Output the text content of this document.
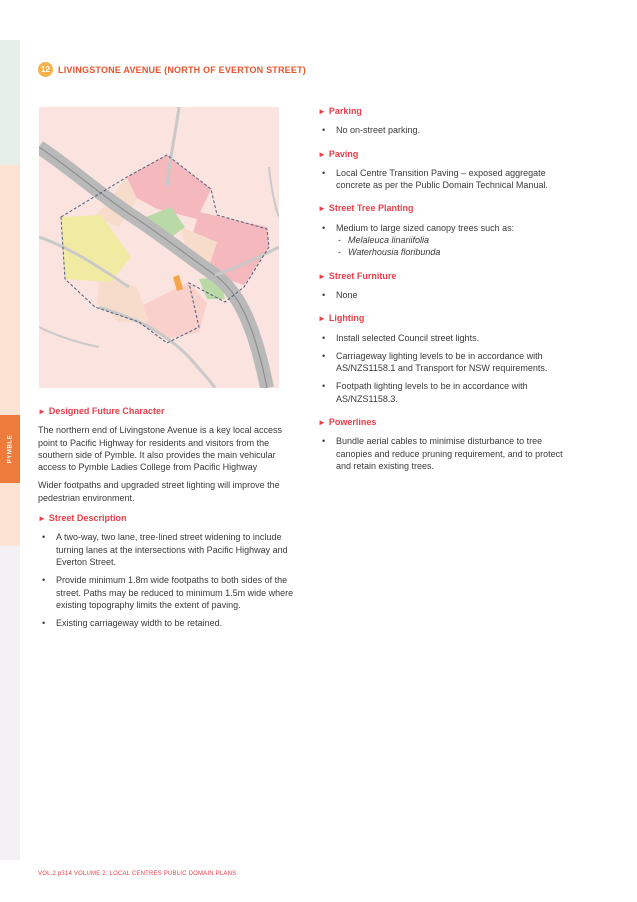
PYMBLE
12 LIVINGSTONE AVENUE (NORTH OF EVERTON STREET)
► Designed Future Character

The northern end of Livingstone Avenue is a key local access point to Pacific Highway for residents and visitors from the southern side of Pymble. It also provides the main vehicular access to Pymble Ladies College from Pacific Highway

Wider footpaths and upgraded street lighting will improve the pedestrian environment.

► Street Description
• A two-way, two lane, tree-lined street widening to include turning lanes at the intersections with Pacific Highway and Everton Street.
• Provide minimum 1.8m wide footpaths to both sides of the street. Paths may be reduced to minimum 1.5m wide where existing topography limits the extent of paving.
• Existing carriageway width to be retained.
► Parking
• No on-street parking.
► Paving
• Local Centre Transition Paving – exposed aggregate concrete as per the Public Domain Technical Manual.
► Street Tree Planting
• Medium to large sized canopy trees such as:
- Melaleuca linariifolia
- Waterhousia floribunda
► Street Furniture
• None
► Lighting
• Install selected Council street lights.
• Carriageway lighting levels to be in accordance with AS/NZS1158.1 and Transport for NSW requirements.
• Footpath lighting levels to be in accordance with AS/NZS1158.3.
► Powerlines
• Bundle aerial cables to minimise disturbance to tree canopies and reduce pruning requirement, and to protect and retain existing trees.
VOL.2 p314 VOLUME 2: LOCAL CENTRES PUBLIC DOMAIN PLANS
